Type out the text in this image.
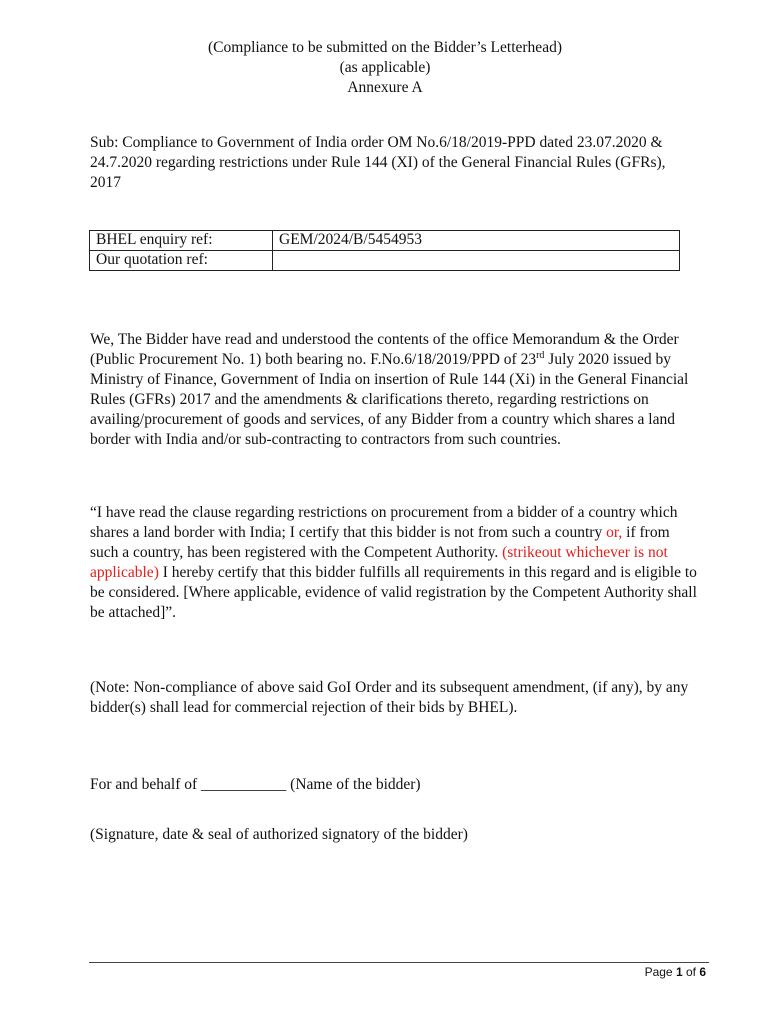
(Compliance to be submitted on the Bidder’s Letterhead)
(as applicable)
Annexure A
Sub: Compliance to Government of India order OM No.6/18/2019-PPD dated 23.07.2020 & 24.7.2020 regarding restrictions under Rule 144 (XI) of the General Financial Rules (GFRs), 2017
BHEL enquiry ref:	GEM/2024/B/5454953
Our quotation ref:	
We, The Bidder have read and understood the contents of the office Memorandum & the Order (Public Procurement No. 1) both bearing no. F.No.6/18/2019/PPD of 23rd July 2020 issued by Ministry of Finance, Government of India on insertion of Rule 144 (Xi) in the General Financial Rules (GFRs) 2017 and the amendments & clarifications thereto, regarding restrictions on availing/procurement of goods and services, of any Bidder from a country which shares a land border with India and/or sub-contracting to contractors from such countries.
“I have read the clause regarding restrictions on procurement from a bidder of a country which shares a land border with India; I certify that this bidder is not from such a country or, if from such a country, has been registered with the Competent Authority. (strikeout whichever is not applicable) I hereby certify that this bidder fulfills all requirements in this regard and is eligible to be considered. [Where applicable, evidence of valid registration by the Competent Authority shall be attached]”.
(Note: Non-compliance of above said GoI Order and its subsequent amendment, (if any), by any bidder(s) shall lead for commercial rejection of their bids by BHEL).
For and behalf of ___________ (Name of the bidder)
(Signature, date & seal of authorized signatory of the bidder)
Page 1 of 6
